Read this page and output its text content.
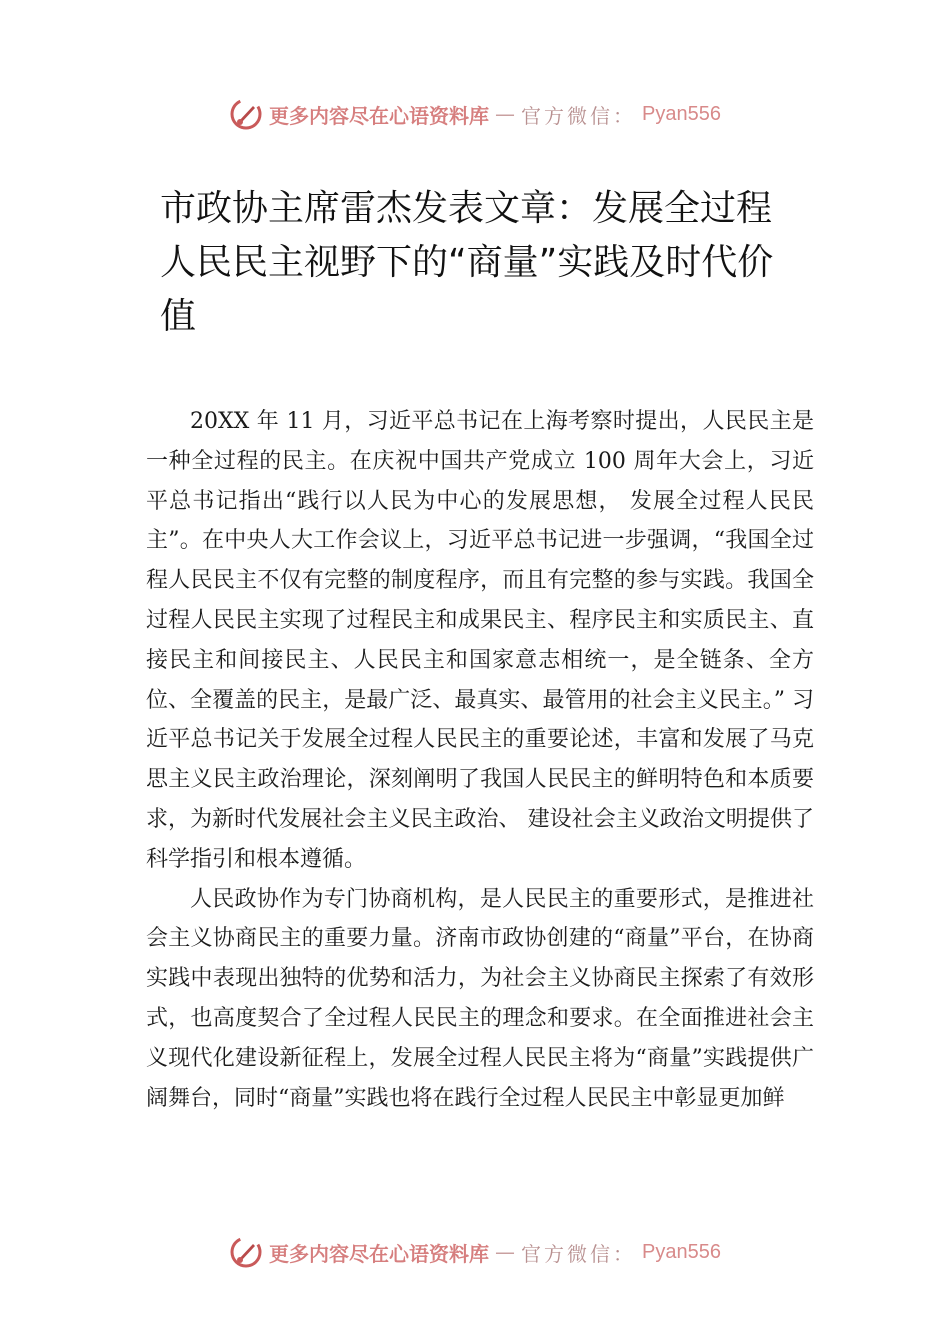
更多内容尽在心语资料库 — 官方微信： Pyan556
市政协主席雷杰发表文章：发展全过程人民民主视野下的“商量”实践及时代价值

20XX 年 11 月，习近平总书记在上海考察时提出，人民民主是一种全过程的民主。在庆祝中国共产党成立 100 周年大会上，习近平总书记指出“践行以人民为中心的发展思想， 发展全过程人民民主”。在中央人大工作会议上，习近平总书记进一步强调，“我国全过程人民民主不仅有完整的制度程序，而且有完整的参与实践。我国全过程人民民主实现了过程民主和成果民主、程序民主和实质民主、直接民主和间接民主、人民民主和国家意志相统一，是全链条、全方位、全覆盖的民主，是最广泛、最真实、最管用的社会主义民主。” 习近平总书记关于发展全过程人民民主的重要论述，丰富和发展了马克思主义民主政治理论，深刻阐明了我国人民民主的鲜明特色和本质要求，为新时代发展社会主义民主政治、 建设社会主义政治文明提供了科学指引和根本遵循。

人民政协作为专门协商机构，是人民民主的重要形式，是推进社会主义协商民主的重要力量。济南市政协创建的“商量”平台，在协商实践中表现出独特的优势和活力，为社会主义协商民主探索了有效形式，也高度契合了全过程人民民主的理念和要求。在全面推进社会主义现代化建设新征程上，发展全过程人民民主将为“商量”实践提供广阔舞台，同时“商量”实践也将在践行全过程人民民主中彰显更加鲜

更多内容尽在心语资料库 — 官方微信： Pyan556
